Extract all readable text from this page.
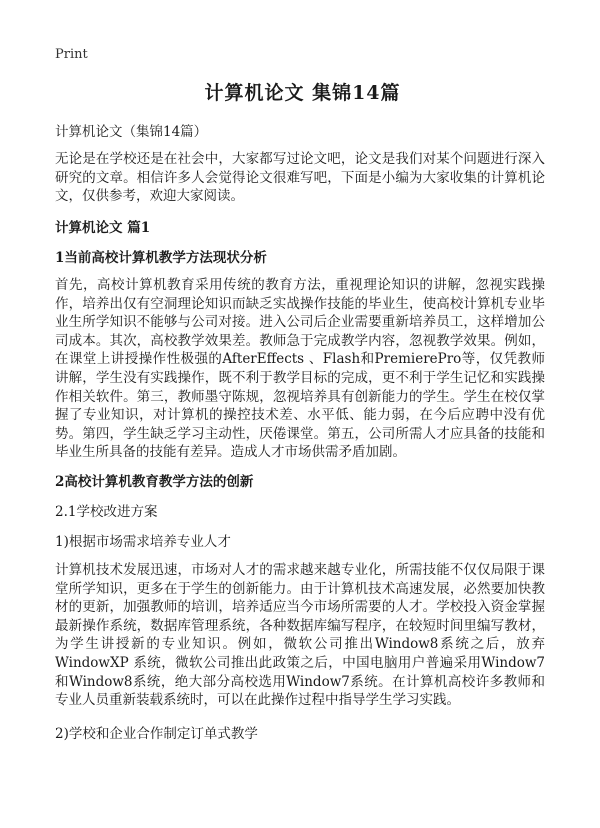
Print
计算机论文 集锦14篇

计算机论文（集锦14篇）

无论是在学校还是在社会中，大家都写过论文吧，论文是我们对某个问题进行深入研究的文章。相信许多人会觉得论文很难写吧，下面是小编为大家收集的计算机论文，仅供参考，欢迎大家阅读。

计算机论文 篇1

1当前高校计算机教学方法现状分析

首先，高校计算机教育采用传统的教育方法，重视理论知识的讲解，忽视实践操作，培养出仅有空洞理论知识而缺乏实战操作技能的毕业生，使高校计算机专业毕业生所学知识不能够与公司对接。进入公司后企业需要重新培养员工，这样增加公司成本。其次，高校教学效果差。教师急于完成教学内容，忽视教学效果。例如，在课堂上讲授操作性极强的AfterEffects 、Flash和PremierePro等，仅凭教师讲解，学生没有实践操作，既不利于教学目标的完成，更不利于学生记忆和实践操作相关软件。第三，教师墨守陈规，忽视培养具有创新能力的学生。学生在校仅掌握了专业知识，对计算机的操控技术差、水平低、能力弱，在今后应聘中没有优势。第四，学生缺乏学习主动性，厌倦课堂。第五，公司所需人才应具备的技能和毕业生所具备的技能有差异。造成人才市场供需矛盾加剧。

2高校计算机教育教学方法的创新

2.1学校改进方案

1)根据市场需求培养专业人才

计算机技术发展迅速，市场对人才的需求越来越专业化，所需技能不仅仅局限于课堂所学知识，更多在于学生的创新能力。由于计算机技术高速发展，必然要加快教材的更新，加强教师的培训，培养适应当今市场所需要的人才。学校投入资金掌握最新操作系统，数据库管理系统，各种数据库编写程序，在较短时间里编写教材，为学生讲授新的专业知识。例如，微软公司推出Window8系统之后，放弃WindowXP 系统，微软公司推出此政策之后，中国电脑用户普遍采用Window7和Window8系统，绝大部分高校选用Window7系统。在计算机高校许多教师和专业人员重新装载系统时，可以在此操作过程中指导学生学习实践。

2)学校和企业合作制定订单式教学
